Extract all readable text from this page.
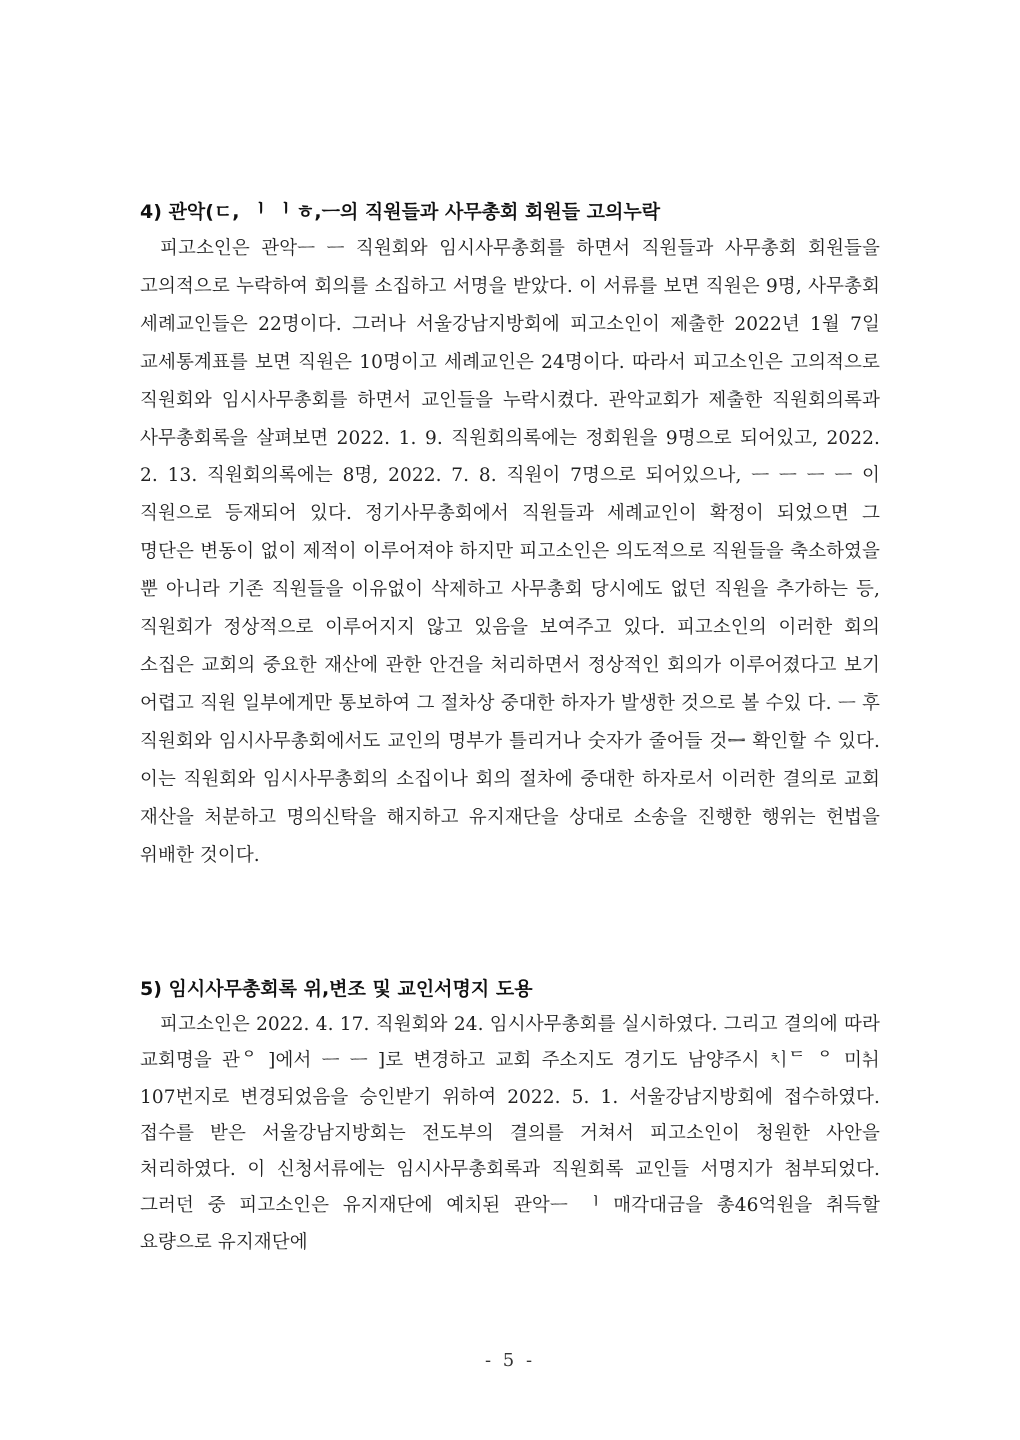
4) 관악(ㄷ, ᅵ ᅵ ㅎ,ㅡ의 직원들과 사무총회 회원들 고의누락

피고소인은 관악ᅳ ᅳ 직원회와 임시사무총회를 하면서 직원들과 사무총회 회원들을 고의적으로 누락하여 회의를 소집하고 서명을 받았다. 이 서류를 보면 직원은 9명, 사무총회 세례교인들은 22명이다. 그러나 서울강남지방회에 피고소인이 제출한 2022년 1월 7일 교세통계표를 보면 직원은 10명이고 세례교인은 24명이다. 따라서 피고소인은 고의적으로 직원회와 임시사무총회를 하면서 교인들을 누락시켰다. 관악교회가 제출한 직원회의록과 사무총회록을 살펴보면 2022. 1. 9. 직원회의록에는 정회원을 9명으로 되어있고, 2022. 2. 13. 직원회의록에는 8명, 2022. 7. 8. 직원이 7명으로 되어있으나, ᅳ ᅳ ᅳ ᅳ 이 직원으로 등재되어 있다. 정기사무총회에서 직원들과 세례교인이 확정이 되었으면 그 명단은 변동이 없이 제적이 이루어져야 하지만 피고소인은 의도적으로 직원들을 축소하였을 뿐 아니라 기존 직원들을 이유없이 삭제하고 사무총회 당시에도 없던 직원을 추가하는 등, 직원회가 정상적으로 이루어지지 않고 있음을 보여주고 있다. 피고소인의 이러한 회의 소집은 교회의 중요한 재산에 관한 안건을 처리하면서 정상적인 회의가 이루어졌다고 보기 어렵고 직원 일부에게만 통보하여 그 절차상 중대한 하자가 발생한 것으로 볼 수있 다. ᅳ 후 직원회와 임시사무총회에서도 교인의 명부가 틀리거나 숫자가 줄어들 것ᆖ 확인할 수 있다. 이는 직원회와 임시사무총회의 소집이나 회의 절차에 중대한 하자로서 이러한 결의로 교회 재산을 처분하고 명의신탁을 해지하고 유지재단을 상대로 소송을 진행한 행위는 헌법을 위배한 것이다.

5) 임시사무총회록 위,변조 및 교인서명지 도용

피고소인은 2022. 4. 17. 직원회와 24. 임시사무총회를 실시하였다. 그리고 결의에 따라 교회명을 관ᄋ ]에서 ᅳ ᅳ ]로 변경하고 교회 주소지도 경기도 남양주시 ᅕᅵᄃ ᄋ 미ᅕᅱ 107번지로 변경되었음을 승인받기 위하여 2022. 5. 1. 서울강남지방회에 접수하였다. 접수를 받은 서울강남지방회는 전도부의 결의를 거쳐서 피고소인이 청원한 사안을 처리하였다. 이 신청서류에는 임시사무총회록과 직원회록 교인들 서명지가 첨부되었다. 그러던 중 피고소인은 유지재단에 예치된 관악ᅳ ᅵ 매각대금을 총46억원을 취득할 요량으로 유지재단에

- 5 -
